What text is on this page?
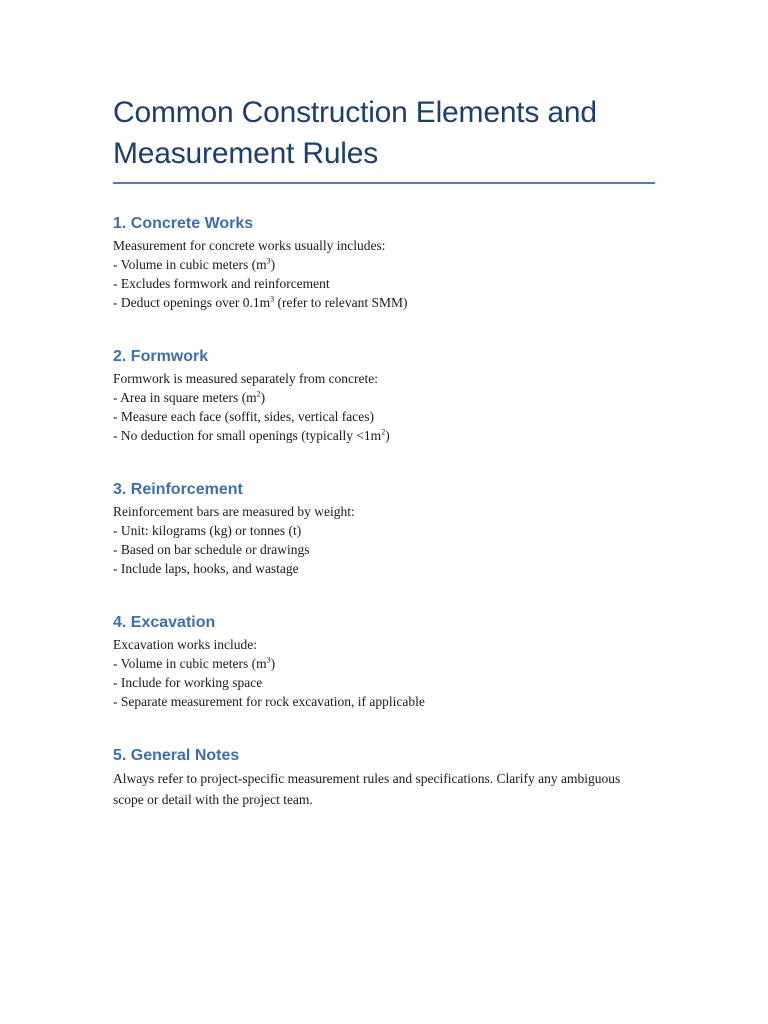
Common Construction Elements and Measurement Rules
1. Concrete Works
Measurement for concrete works usually includes:
- Volume in cubic meters $(m^3)$
- Excludes formwork and reinforcement
- Deduct openings over $0.1m^3$ (refer to relevant SMM)
2. Formwork
Formwork is measured separately from concrete:
- Area in square meters $(m^2)$
- Measure each face (soffit, sides, vertical faces)
- No deduction for small openings (typically $<1m^2$)
3. Reinforcement
Reinforcement bars are measured by weight:
- Unit: kilograms (kg) or tonnes (t)
- Based on bar schedule or drawings
- Include laps, hooks, and wastage
4. Excavation
Excavation works include:
- Volume in cubic meters $(m^3)$
- Include for working space
- Separate measurement for rock excavation, if applicable
5. General Notes
Always refer to project-specific measurement rules and specifications. Clarify any ambiguous scope or detail with the project team.
